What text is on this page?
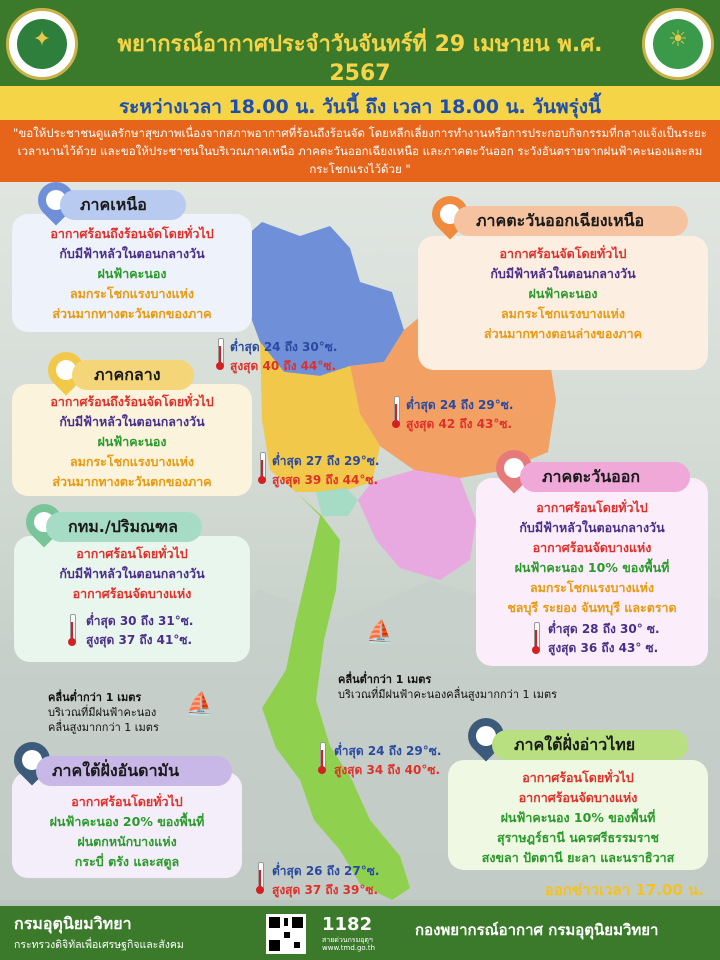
✦	พยากรณ์อากาศประจำวันจันทร์ที่ 29 เมษายน พ.ศ. 2567
☀
ระหว่างเวลา 18.00 น. วันนี้ ถึง เวลา 18.00 น. วันพรุ่งนี้

"ขอให้ประชาชนดูแลรักษาสุขภาพเนื่องจากสภาพอากาศที่ร้อนถึงร้อนจัด โดยหลีกเลี่ยงการทำงานหรือการประกอบกิจกรรมที่กลางแจ้งเป็นระยะเวลานานไว้ด้วย และขอให้ประชาชนในบริเวณภาคเหนือ ภาคตะวันออกเฉียงเหนือ และภาคตะวันออก ระวังอันตรายจากฝนฟ้าคะนองและลมกระโชกแรงไว้ด้วย "

อากาศร้อนถึงร้อนจัดโดยทั่วไป
กับมีฟ้าหลัวในตอนกลางวัน
ฝนฟ้าคะนอง
ลมกระโชกแรงบางแห่ง
ส่วนมากทางตะวันตกของภาค
ภาคเหนือ
อากาศร้อนจัดโดยทั่วไป
กับมีฟ้าหลัวในตอนกลางวัน
ฝนฟ้าคะนอง
ลมกระโชกแรงบางแห่ง
ส่วนมากทางตอนล่างของภาค
ภาคตะวันออกเฉียงเหนือ
อากาศร้อนถึงร้อนจัดโดยทั่วไป
กับมีฟ้าหลัวในตอนกลางวัน
ฝนฟ้าคะนอง
ลมกระโชกแรงบางแห่ง
ส่วนมากทางตะวันตกของภาค
ภาคกลาง
อากาศร้อนโดยทั่วไป
กับมีฟ้าหลัวในตอนกลางวัน
อากาศร้อนจัดบางแห่ง
กทม./ปริมณฑล
อากาศร้อนโดยทั่วไป
กับมีฟ้าหลัวในตอนกลางวัน
อากาศร้อนจัดบางแห่ง
ฝนฟ้าคะนอง 10% ของพื้นที่
ลมกระโชกแรงบางแห่ง
ชลบุรี ระยอง จันทบุรี และตราด
ภาคตะวันออก
อากาศร้อนโดยทั่วไป
อากาศร้อนจัดบางแห่ง
ฝนฟ้าคะนอง 10% ของพื้นที่
สุราษฎร์ธานี นครศรีธรรมราช
สงขลา ปัตตานี ยะลา และนราธิวาส
ภาคใต้ฝั่งอ่าวไทย
อากาศร้อนโดยทั่วไป
ฝนฟ้าคะนอง 20% ของพื้นที่
ฝนตกหนักบางแห่ง
กระบี่ ตรัง และสตูล
ภาคใต้ฝั่งอันดามัน
ต่ำสุด 24 ถึง 30°ซ.
สูงสุด 40 ถึง 44°ซ.
ต่ำสุด 24 ถึง 29°ซ.
สูงสุด 42 ถึง 43°ซ.
ต่ำสุด 27 ถึง 29°ซ.
สูงสุด 39 ถึง 44°ซ.
ต่ำสุด 30 ถึง 31°ซ.
สูงสุด 37 ถึง 41°ซ.
ต่ำสุด 28 ถึง 30° ซ.
สูงสุด 36 ถึง 43° ซ.
ต่ำสุด 24 ถึง 29°ซ.
สูงสุด 34 ถึง 40°ซ.
ต่ำสุด 26 ถึง 27°ซ.
สูงสุด 37 ถึง 39°ซ.
⛵
คลื่นต่ำกว่า 1 เมตร
บริเวณที่มีฝนฟ้าคะนองคลื่นสูงมากกว่า 1 เมตร
คลื่นต่ำกว่า 1 เมตร
บริเวณที่มีฝนฟ้าคะนอง
คลื่นสูงมากกว่า 1 เมตร
⛵
ออกข่าวเวลา 17.00 น.
กรมอุตุนิยมวิทยา
กระทรวงดิจิทัลเพื่อเศรษฐกิจและสังคม
1182
สายด่วนกรมอุตุฯ
www.tmd.go.th
กองพยากรณ์อากาศ กรมอุตุนิยมวิทยา
